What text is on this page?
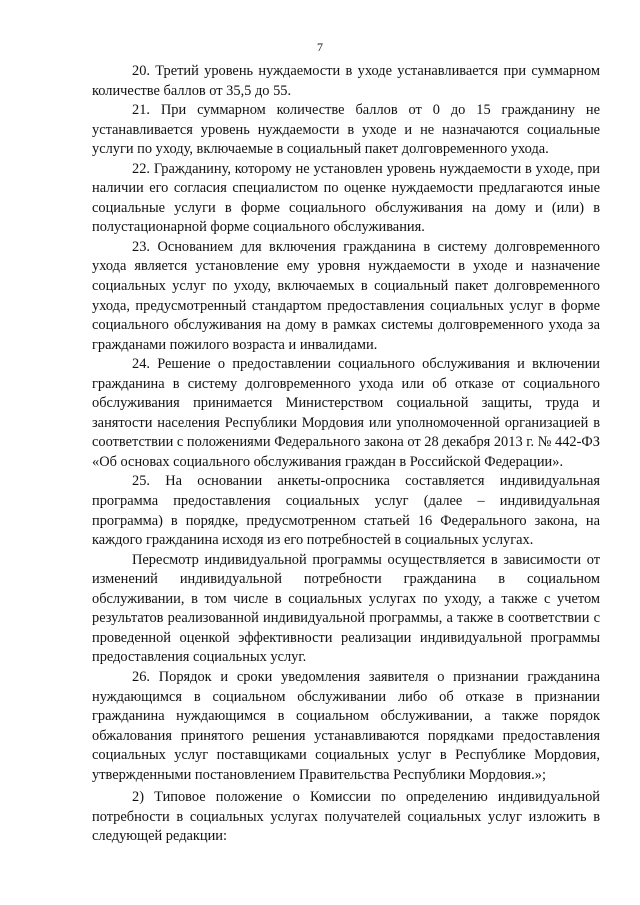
7

20. Третий уровень нуждаемости в уходе устанавливается при суммарном количестве баллов от 35,5 до 55.

21. При суммарном количестве баллов от 0 до 15 гражданину не устанавливается уровень нуждаемости в уходе и не назначаются социальные услуги по уходу, включаемые в социальный пакет долговременного ухода.

22. Гражданину, которому не установлен уровень нуждаемости в уходе, при наличии его согласия специалистом по оценке нуждаемости предлагаются иные социальные услуги в форме социального обслуживания на дому и (или) в полустационарной форме социального обслуживания.

23. Основанием для включения гражданина в систему долговременного ухода является установление ему уровня нуждаемости в уходе и назначение социальных услуг по уходу, включаемых в социальный пакет долговременного ухода, предусмотренный стандартом предоставления социальных услуг в форме социального обслуживания на дому в рамках системы долговременного ухода за гражданами пожилого возраста и инвалидами.

24. Решение о предоставлении социального обслуживания и включении гражданина в систему долговременного ухода или об отказе от социального обслуживания принимается Министерством социальной защиты, труда и занятости населения Республики Мордовия или уполномоченной организацией в соответствии с положениями Федерального закона от 28 декабря 2013 г. № 442-ФЗ «Об основах социального обслуживания граждан в Российской Федерации».

25. На основании анкеты-опросника составляется индивидуальная программа предоставления социальных услуг (далее – индивидуальная программа) в порядке, предусмотренном статьей 16 Федерального закона, на каждого гражданина исходя из его потребностей в социальных услугах.

Пересмотр индивидуальной программы осуществляется в зависимости от изменений индивидуальной потребности гражданина в социальном обслуживании, в том числе в социальных услугах по уходу, а также с учетом результатов реализованной индивидуальной программы, а также в соответствии с проведенной оценкой эффективности реализации индивидуальной программы предоставления социальных услуг.

26. Порядок и сроки уведомления заявителя о признании гражданина нуждающимся в социальном обслуживании либо об отказе в признании гражданина нуждающимся в социальном обслуживании, а также порядок обжалования принятого решения устанавливаются порядками предоставления социальных услуг поставщиками социальных услуг в Республике Мордовия, утвержденными постановлением Правительства Республики Мордовия.»;

2) Типовое положение о Комиссии по определению индивидуальной потребности в социальных услугах получателей социальных услуг изложить в следующей редакции:
